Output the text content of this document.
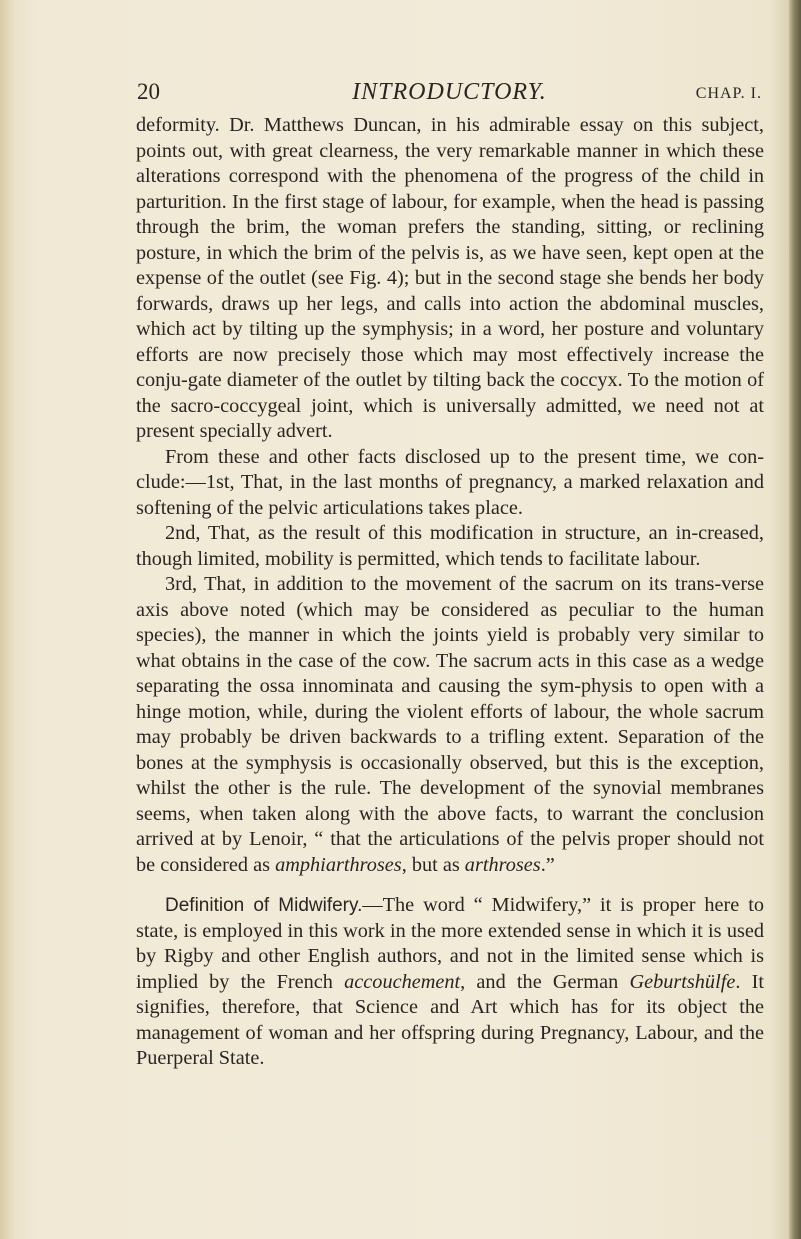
20	INTRODUCTORY.	CHAP. I.

deformity. Dr. Matthews Duncan, in his admirable essay on this subject, points out, with great clearness, the very remarkable manner in which these alterations correspond with the phenomena of the progress of the child in parturition. In the first stage of labour, for example, when the head is passing through the brim, the woman prefers the standing, sitting, or reclining posture, in which the brim of the pelvis is, as we have seen, kept open at the expense of the outlet (see Fig. 4); but in the second stage she bends her body forwards, draws up her legs, and calls into action the abdominal muscles, which act by tilting up the symphysis; in a word, her posture and voluntary efforts are now precisely those which may most effectively increase the conju-gate diameter of the outlet by tilting back the coccyx. To the motion of the sacro-coccygeal joint, which is universally admitted, we need not at present specially advert.

From these and other facts disclosed up to the present time, we con-clude:—1st, That, in the last months of pregnancy, a marked relaxation and softening of the pelvic articulations takes place.

2nd, That, as the result of this modification in structure, an in-creased, though limited, mobility is permitted, which tends to facilitate labour.

3rd, That, in addition to the movement of the sacrum on its trans-verse axis above noted (which may be considered as peculiar to the human species), the manner in which the joints yield is probably very similar to what obtains in the case of the cow. The sacrum acts in this case as a wedge separating the ossa innominata and causing the sym-physis to open with a hinge motion, while, during the violent efforts of labour, the whole sacrum may probably be driven backwards to a trifling extent. Separation of the bones at the symphysis is occasionally observed, but this is the exception, whilst the other is the rule. The development of the synovial membranes seems, when taken along with the above facts, to warrant the conclusion arrived at by Lenoir, “ that the articulations of the pelvis proper should not be considered as amphiarthroses, but as arthroses.”

Definition of Midwifery.—The word “ Midwifery,” it is proper here to state, is employed in this work in the more extended sense in which it is used by Rigby and other English authors, and not in the limited sense which is implied by the French accouchement, and the German Geburtshülfe. It signifies, therefore, that Science and Art which has for its object the management of woman and her offspring during Pregnancy, Labour, and the Puerperal State.
